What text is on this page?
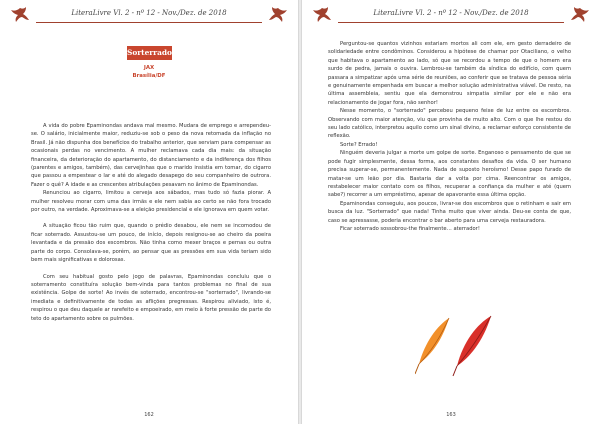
LiteraLivre Vl. 2 - nº 12 - Nov./Dez. de 2018
Sorterrado
JAX
Brasília/DF

A vida do pobre Epaminondas andava mal mesmo. Mudara de emprego e arrependeu-se. O salário, inicialmente maior, reduziu-se sob o peso da nova retomada da inflação no Brasil. Já não dispunha dos benefícios do trabalho anterior, que serviam para compensar as ocasionais perdas no vencimento. A mulher reclamava cada dia mais: da situação financeira, da deterioração do apartamento, do distanciamento e da indiferença dos filhos (parentes e amigos, também), das cervejinhas que o marido insistia em tomar, do cigarro que passou a empestear o lar e até do alegado desapego do seu companheiro de outrora. Fazer o quê? A idade e as crescentes atribulações pesavam no ânimo de Epaminondas.

Renunciou ao cigarro, limitou a cerveja aos sábados, mas tudo só fazia piorar. A mulher resolveu morar com uma das irmãs e ele nem sabia ao certo se não fora trocado por outro, na verdade. Aproximava-se a eleição presidencial e ele ignorava em quem votar.

A situação ficou tão ruim que, quando o prédio desabou, ele nem se incomodou de ficar soterrado. Assustou-se um pouco, de início, depois resignou-se ao cheiro da poeira levantada e da pressão dos escombros. Não tinha como mexer braços e pernas ou outra parte do corpo. Consolava-se, porém, ao pensar que as pressões em sua vida teriam sido bem mais significativas e dolorosas.

Com seu habitual gosto pelo jogo de palavras, Epaminondas concluiu que o soterramento constituíra solução bem-vinda para tantos problemas no final de sua existência. Golpe de sorte! Ao invés de soterrado, encontrou-se "sorterrado", livrando-se imediata e definitivamente de todas as aflições pregressas. Respirou aliviado, isto é, respirou o que deu daquele ar rarefeito e empoeirado, em meio à forte pressão de parte do teto do apartamento sobre os pulmões.

162
LiteraLivre Vl. 2 - nº 12 - Nov./Dez. de 2018

Perguntou-se quantos vizinhos estariam mortos ali com ele, em gesto derradeiro de solidariedade entre condôminos. Considerou a hipótese de chamar por Otaciliano, o velho que habitava o apartamento ao lado, só que se recordou a tempo de que o homem era surdo de pedra, jamais o ouvira. Lembrou-se também da síndica do edifício, com quem passara a simpatizar após uma série de reuniões, ao conferir que se tratava de pessoa séria e genuinamente empenhada em buscar a melhor solução administrativa viável. De resto, na última assembleia, sentiu que ela demonstrou simpatia similar por ele e não era relacionamento de jogar fora, não senhor!

Nesse momento, o "sorterrado" percebeu pequeno feixe de luz entre os escombros. Observando com maior atenção, viu que provinha de muito alto. Com o que lhe restou do seu lado católico, interpretou aquilo como um sinal divino, a reclamar esforço consistente de reflexão.

Sorte? Errado!

Ninguém deveria julgar a morte um golpe de sorte. Enganoso o pensamento de que se pode fugir simplesmente, dessa forma, aos constantes desafios da vida. O ser humano precisa superar-se, permanentemente. Nada de suposto heroísmo! Desse papo furado de matar-se um leão por dia. Bastaria dar a volta por cima. Reencontrar os amigos, restabelecer maior contato com os filhos, recuperar a confiança da mulher e até (quem sabe?) recorrer a um empréstimo, apesar de apavorante essa última opção.

Epaminondas conseguiu, aos poucos, livrar-se dos escombros que o retinham e sair em busca da luz. "Sorterrado" que nada! Tinha muito que viver ainda. Deu-se conta de que, caso se apressasse, poderia encontrar o bar aberto para uma cerveja restauradora.

Ficar soterrado sossobrou-the finalmente… aterrador!

163
